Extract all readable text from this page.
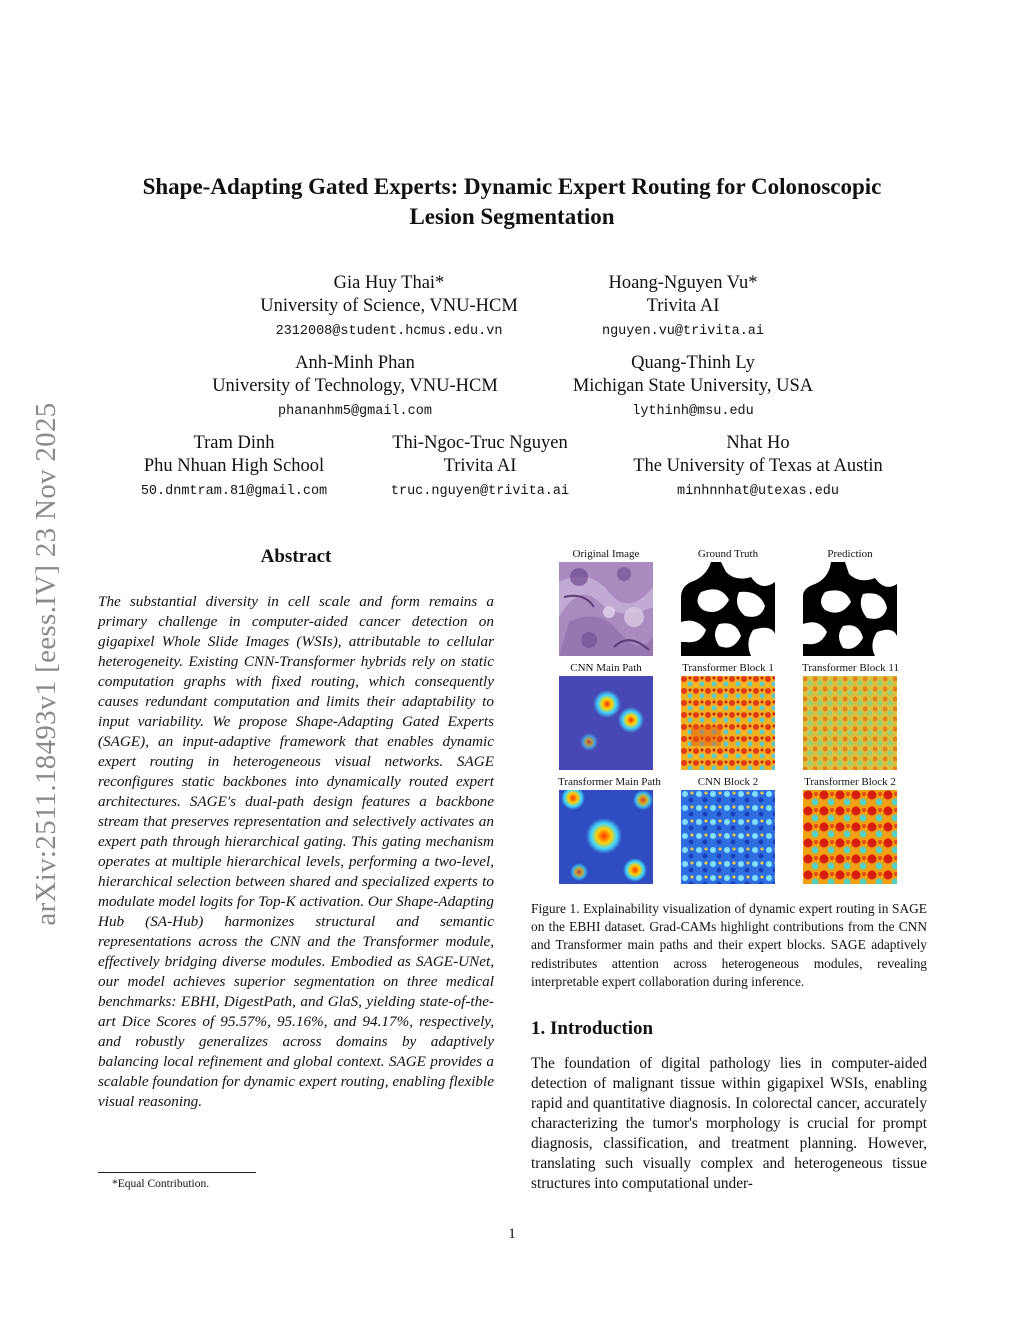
arXiv:2511.18493v1 [eess.IV] 23 Nov 2025
Shape-Adapting Gated Experts: Dynamic Expert Routing for Colonoscopic Lesion Segmentation
Gia Huy Thai*
University of Science, VNU-HCM
2312008@student.hcmus.edu.vn
Hoang-Nguyen Vu*
Trivita AI
nguyen.vu@trivita.ai
Anh-Minh Phan
University of Technology, VNU-HCM
phananhm5@gmail.com
Quang-Thinh Ly
Michigan State University, USA
lythinh@msu.edu
Tram Dinh
Phu Nhuan High School
50.dnmtram.81@gmail.com
Thi-Ngoc-Truc Nguyen
Trivita AI
truc.nguyen@trivita.ai
Nhat Ho
The University of Texas at Austin
minhnnhat@utexas.edu
Abstract
The substantial diversity in cell scale and form remains a primary challenge in computer-aided cancer detection on gigapixel Whole Slide Images (WSIs), attributable to cellular heterogeneity. Existing CNN-Transformer hybrids rely on static computation graphs with fixed routing, which consequently causes redundant computation and limits their adaptability to input variability. We propose Shape-Adapting Gated Experts (SAGE), an input-adaptive framework that enables dynamic expert routing in heterogeneous visual networks. SAGE reconfigures static backbones into dynamically routed expert architectures. SAGE's dual-path design features a backbone stream that preserves representation and selectively activates an expert path through hierarchical gating. This gating mechanism operates at multiple hierarchical levels, performing a two-level, hierarchical selection between shared and specialized experts to modulate model logits for Top-K activation. Our Shape-Adapting Hub (SA-Hub) harmonizes structural and semantic representations across the CNN and the Transformer module, effectively bridging diverse modules. Embodied as SAGE-UNet, our model achieves superior segmentation on three medical benchmarks: EBHI, DigestPath, and GlaS, yielding state-of-the-art Dice Scores of 95.57%, 95.16%, and 94.17%, respectively, and robustly generalizes across domains by adaptively balancing local refinement and global context. SAGE provides a scalable foundation for dynamic expert routing, enabling flexible visual reasoning.
*Equal Contribution.
Original Image	Ground Truth	Prediction
CNN Main Path	Transformer Block 1	Transformer Block 11
Transformer Main Path	CNN Block 2	Transformer Block 2
Figure 1. Explainability visualization of dynamic expert routing in SAGE on the EBHI dataset. Grad-CAMs highlight contributions from the CNN and Transformer main paths and their expert blocks. SAGE adaptively redistributes attention across heterogeneous modules, revealing interpretable expert collaboration during inference.
1. Introduction
The foundation of digital pathology lies in computer-aided detection of malignant tissue within gigapixel WSIs, enabling rapid and quantitative diagnosis. In colorectal cancer, accurately characterizing the tumor's morphology is crucial for prompt diagnosis, classification, and treatment planning. However, translating such visually complex and heterogeneous tissue structures into computational under-
1
